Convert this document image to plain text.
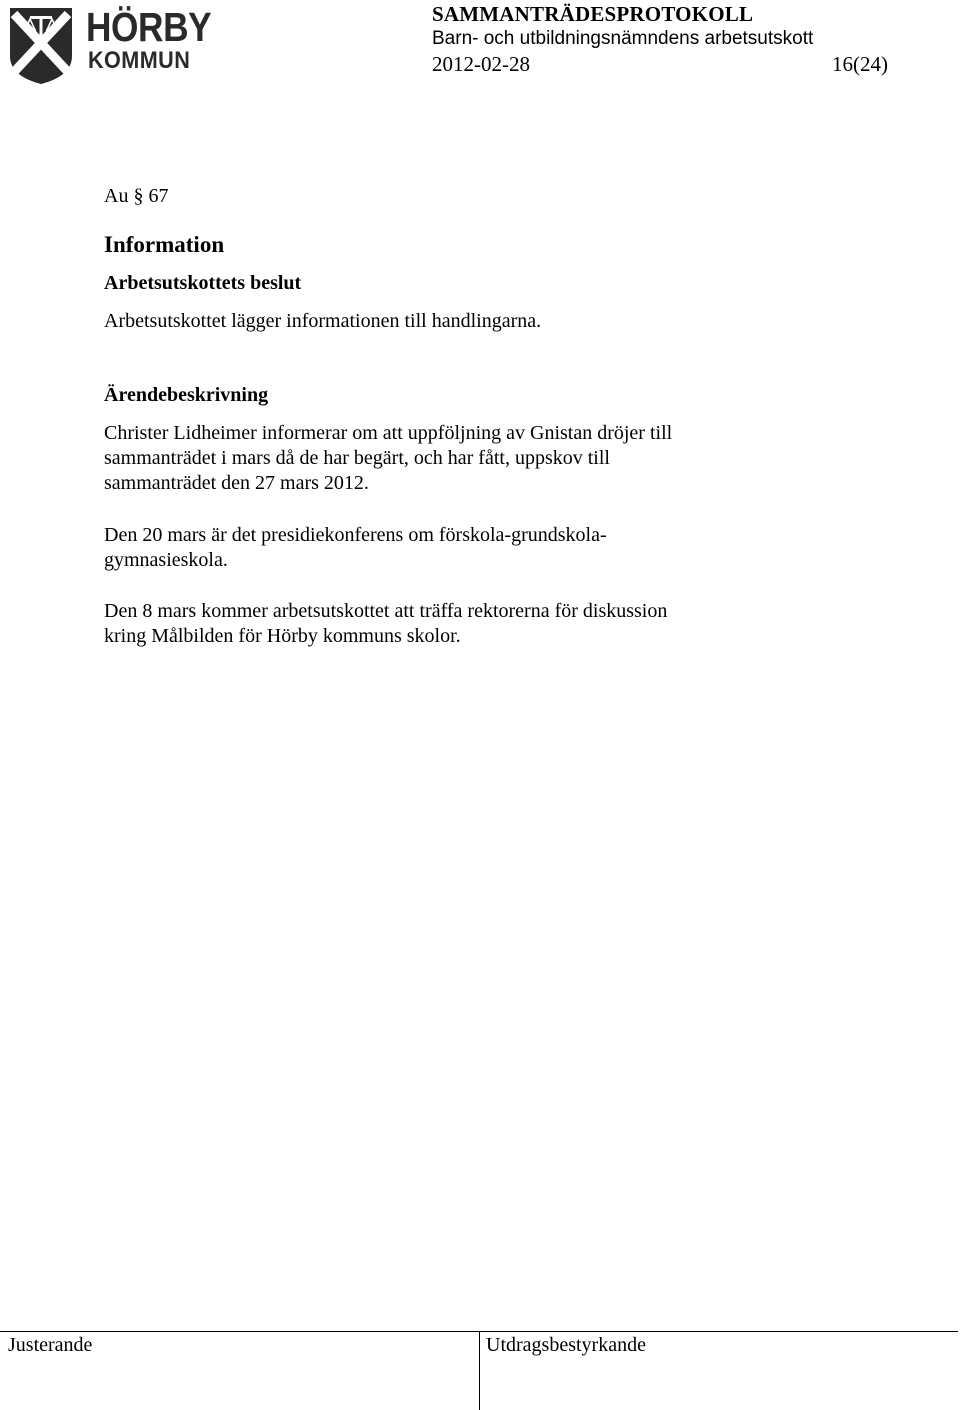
HÖRBY
KOMMUN
SAMMANTRÄDESPROTOKOLL
Barn- och utbildningsnämndens arbetsutskott
2012-02-28	16(24)

Au § 67

Information
Arbetsutskottets beslut

Arbetsutskottet lägger informationen till handlingarna.

Ärendebeskrivning

Christer Lidheimer informerar om att uppföljning av Gnistan dröjer till
sammanträdet i mars då de har begärt, och har fått, uppskov till
sammanträdet den 27 mars 2012.

Den 20 mars är det presidiekonferens om förskola-grundskola-
gymnasieskola.

Den 8 mars kommer arbetsutskottet att träffa rektorerna för diskussion
kring Målbilden för Hörby kommuns skolor.

Justerande	Utdragsbestyrkande
